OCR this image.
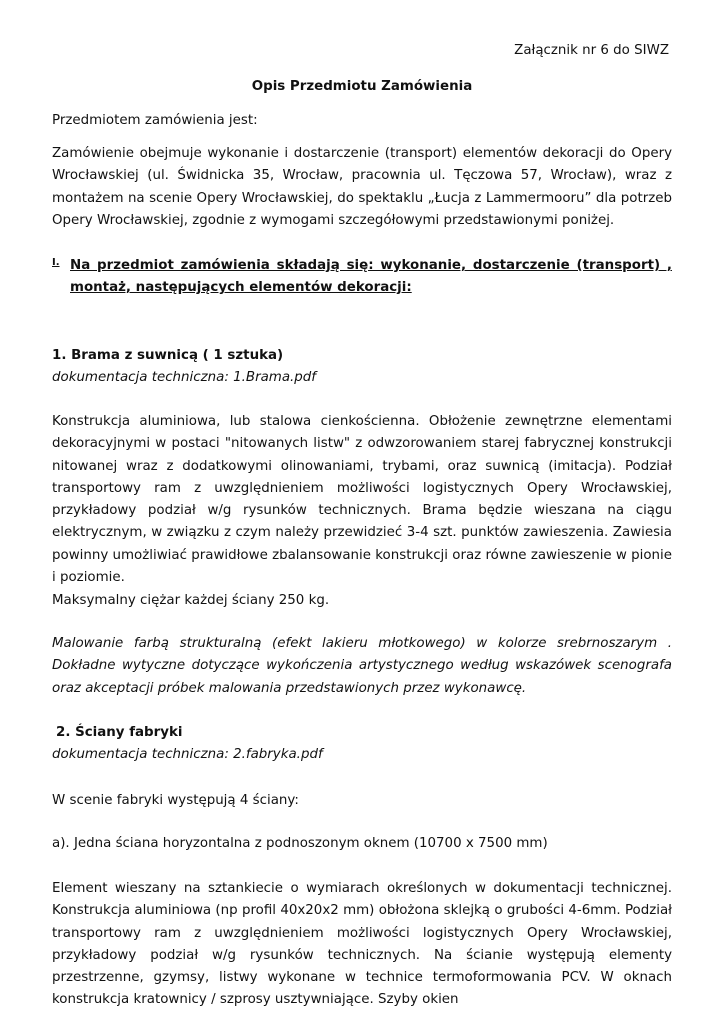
Załącznik nr 6 do SIWZ

Opis Przedmiotu Zamówienia

Przedmiotem zamówienia jest:

Zamówienie obejmuje wykonanie i dostarczenie (transport) elementów dekoracji do Opery Wrocławskiej (ul. Świdnicka 35, Wrocław, pracownia ul. Tęczowa 57, Wrocław), wraz z montażem na scenie Opery Wrocławskiej, do spektaklu „Łucja z Lammermooru” dla potrzeb Opery Wrocławskiej, zgodnie z wymogami szczegółowymi przedstawionymi poniżej.

I. Na przedmiot zamówienia składają się: wykonanie, dostarczenie (transport) , montaż, następujących elementów dekoracji:

1. Brama z suwnicą ( 1 sztuka)

dokumentacja techniczna: 1.Brama.pdf

Konstrukcja aluminiowa, lub stalowa cienkościenna. Obłożenie zewnętrzne elementami dekoracyjnymi w postaci "nitowanych listw" z odwzorowaniem starej fabrycznej konstrukcji nitowanej wraz z dodatkowymi olinowaniami, trybami, oraz suwnicą (imitacja). Podział transportowy ram z uwzględnieniem możliwości logistycznych Opery Wrocławskiej, przykładowy podział w/g rysunków technicznych. Brama będzie wieszana na ciągu elektrycznym, w związku z czym należy przewidzieć 3-4 szt. punktów zawieszenia. Zawiesia powinny umożliwiać prawidłowe zbalansowanie konstrukcji oraz równe zawieszenie w pionie i poziomie.

Maksymalny ciężar każdej ściany 250 kg.

Malowanie farbą strukturalną (efekt lakieru młotkowego) w kolorze srebrnoszarym . Dokładne wytyczne dotyczące wykończenia artystycznego według wskazówek scenografa oraz akceptacji próbek malowania przedstawionych przez wykonawcę.

2. Ściany fabryki

dokumentacja techniczna: 2.fabryka.pdf

W scenie fabryki występują 4 ściany:

a). Jedna ściana horyzontalna z podnoszonym oknem (10700 x 7500 mm)

Element wieszany na sztankiecie o wymiarach określonych w dokumentacji technicznej. Konstrukcja aluminiowa (np profil 40x20x2 mm) obłożona sklejką o grubości 4-6mm. Podział transportowy ram z uwzględnieniem możliwości logistycznych Opery Wrocławskiej, przykładowy podział w/g rysunków technicznych. Na ścianie występują elementy przestrzenne, gzymsy, listwy wykonane w technice termoformowania PCV. W oknach konstrukcja kratownicy / szprosy usztywniające. Szyby okien
